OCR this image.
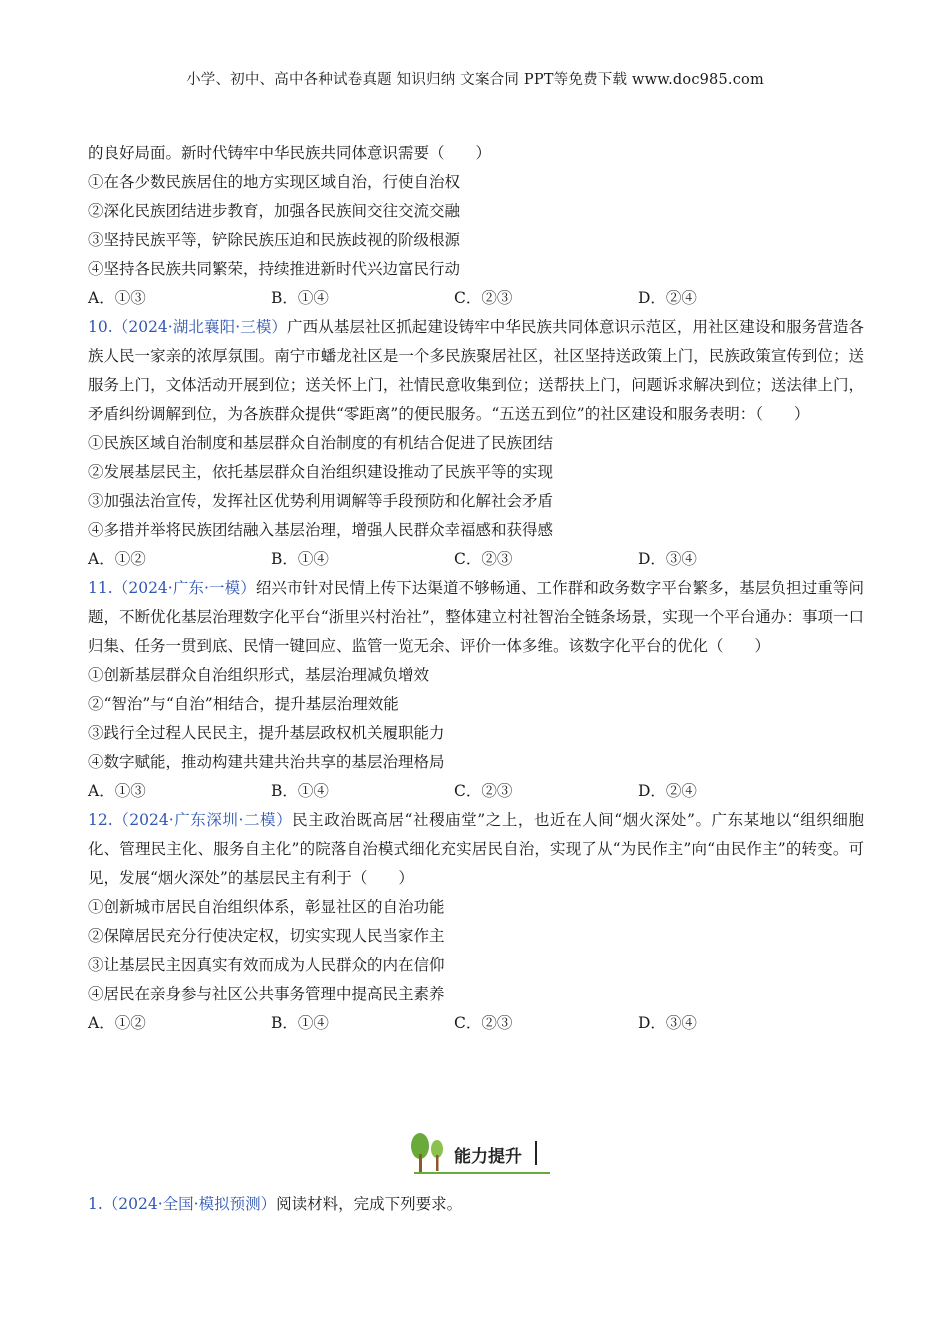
小学、初中、高中各种试卷真题 知识归纳 文案合同 PPT等免费下载 www.doc985.com
的良好局面。新时代铸牢中华民族共同体意识需要（　　）
①在各少数民族居住的地方实现区域自治，行使自治权
②深化民族团结进步教育，加强各民族间交往交流交融
③坚持民族平等，铲除民族压迫和民族歧视的阶级根源
④坚持各民族共同繁荣，持续推进新时代兴边富民行动
A．①③	B．①④	C．②③	D．②④
10.（2024·湖北襄阳·三模）广西从基层社区抓起建设铸牢中华民族共同体意识示范区，用社区建设和服务营造各族人民一家亲的浓厚氛围。南宁市蟠龙社区是一个多民族聚居社区，社区坚持送政策上门，民族政策宣传到位；送服务上门，文体活动开展到位；送关怀上门，社情民意收集到位；送帮扶上门，问题诉求解决到位；送法律上门，矛盾纠纷调解到位，为各族群众提供“零距离”的便民服务。“五送五到位”的社区建设和服务表明：（　　）
①民族区域自治制度和基层群众自治制度的有机结合促进了民族团结
②发展基层民主，依托基层群众自治组织建设推动了民族平等的实现
③加强法治宣传，发挥社区优势利用调解等手段预防和化解社会矛盾
④多措并举将民族团结融入基层治理，增强人民群众幸福感和获得感
A．①②	B．①④	C．②③	D．③④
11.（2024·广东·一模）绍兴市针对民情上传下达渠道不够畅通、工作群和政务数字平台繁多，基层负担过重等问题，不断优化基层治理数字化平台“浙里兴村治社”，整体建立村社智治全链条场景，实现一个平台通办：事项一口归集、任务一贯到底、民情一键回应、监管一览无余、评价一体多维。该数字化平台的优化（　　）
①创新基层群众自治组织形式，基层治理减负增效
②“智治”与“自治”相结合，提升基层治理效能
③践行全过程人民民主，提升基层政权机关履职能力
④数字赋能，推动构建共建共治共享的基层治理格局
A．①③	B．①④	C．②③	D．②④
12.（2024·广东深圳·二模）民主政治既高居“社稷庙堂”之上，也近在人间“烟火深处”。广东某地以“组织细胞化、管理民主化、服务自主化”的院落自治模式细化充实居民自治，实现了从“为民作主”向“由民作主”的转变。可见，发展“烟火深处”的基层民主有利于（　　）
①创新城市居民自治组织体系，彰显社区的自治功能
②保障居民充分行使决定权，切实实现人民当家作主
③让基层民主因真实有效而成为人民群众的内在信仰
④居民在亲身参与社区公共事务管理中提高民主素养
A．①②	B．①④	C．②③	D．③④
能力提升
1.（2024·全国·模拟预测）阅读材料，完成下列要求。
